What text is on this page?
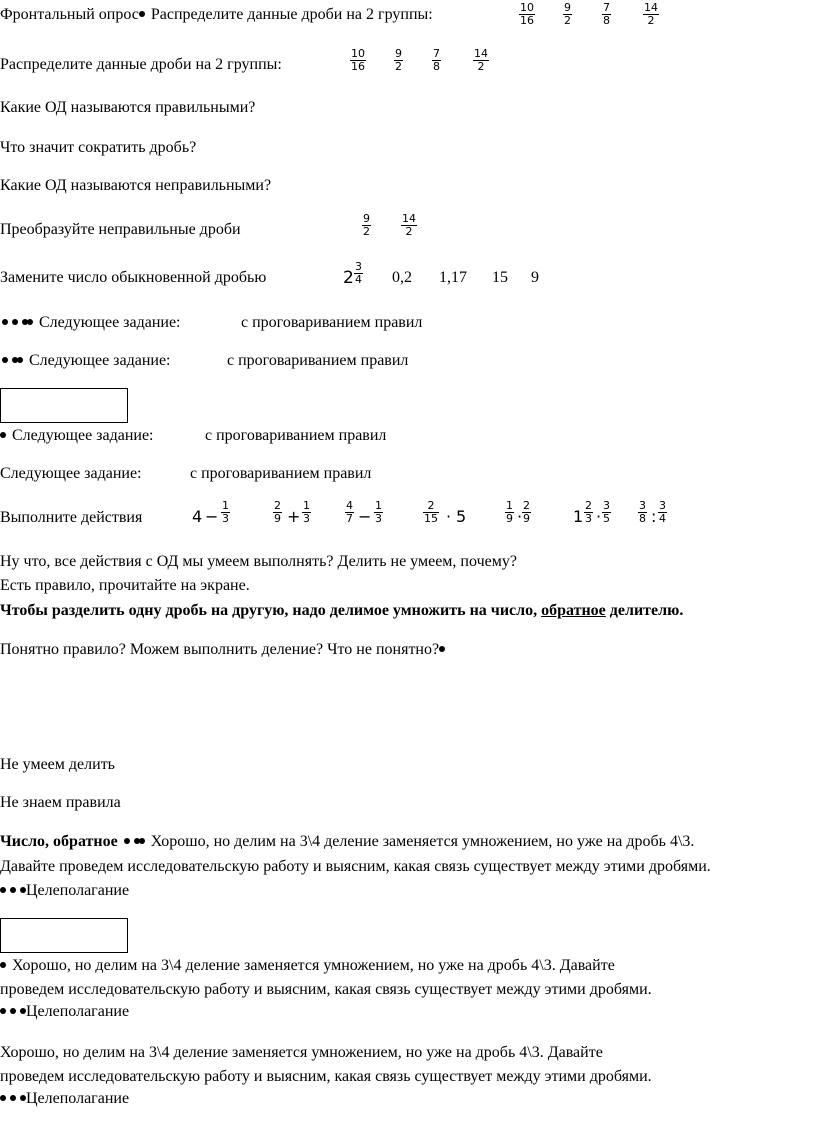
Фронтальный опрос Распределите данные дроби на 2 группы:	$\frac{10}{16}$	$\frac{9}{2}$	$\frac{7}{8}$	$\frac{14}{2}$
Распределите данные дроби на 2 группы:	$\frac{10}{16}$	$\frac{9}{2}$	$\frac{7}{8}$	$\frac{14}{2}$
Какие ОД называются правильными?
Что значит сократить дробь?
Какие ОД называются неправильными?
Преобразуйте неправильные дроби	$\frac{9}{2}$	$\frac{14}{2}$
Замените число обыкновенной дробью	$2 \frac{3}{4} 0,2$ 1,17 15 9
Следующее задание:	с проговариванием правил
Следующее задание:	с проговариванием правил
Следующее задание:	с проговариванием правил
Следующее задание:	с проговариванием правил
Выполните действия	$4 - \frac{1}{3}$	$\frac{2}{9} + \frac{1}{3}$	$\frac{4}{7} - \frac{1}{3}$	$\frac{2}{15} \cdot 5$	$\frac{1}{9} \cdot \frac{2}{9}$	$1 \frac{2}{3} \cdot \frac{3}{5} \frac{3}{8}$ : $\frac{3}{4}$
Ну что, все действия с ОД мы умеем выполнять? Делить не умеем, почему?
Есть правило, прочитайте на экране.
Чтобы разделить одну дробь на другую, надо делимое умножить на число, обратное делителю.
Понятно правило? Можем выполнить деление? Что не понятно?
Не умеем делить
Не знаем правила
Число, обратное  Хорошо, но делим на 3\4 деление заменяется умножением, но уже на дробь 4\3.
Давайте проведем исследовательскую работу и выясним, какая связь существует между этими дробями.
Целеполагание
Хорошо, но делим на 3\4 деление заменяется умножением, но уже на дробь 4\3. Давайте
проведем исследовательскую работу и выясним, какая связь существует между этими дробями.
Целеполагание
Хорошо, но делим на 3\4 деление заменяется умножением, но уже на дробь 4\3. Давайте
проведем исследовательскую работу и выясним, какая связь существует между этими дробями.
Целеполагание
